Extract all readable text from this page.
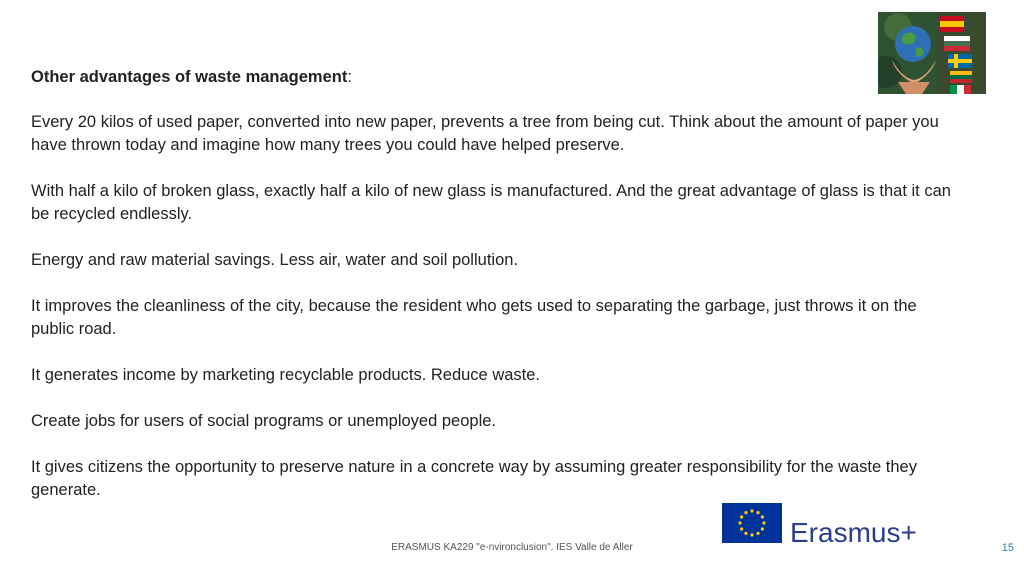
Other advantages of waste management:

Every 20 kilos of used paper, converted into new paper, prevents a tree from being cut. Think about the amount of paper you have thrown today and imagine how many trees you could have helped preserve.

With half a kilo of broken glass, exactly half a kilo of new glass is manufactured. And the great advantage of glass is that it can be recycled endlessly.

Energy and raw material savings. Less air, water and soil pollution.

It improves the cleanliness of the city, because the resident who gets used to separating the garbage, just throws it on the public road.

It generates income by marketing recyclable products. Reduce waste.

Create jobs for users of social programs or unemployed people.

It gives citizens the opportunity to preserve nature in a concrete way by assuming greater responsibility for the waste they generate.

Erasmus+
ERASMUS KA229 "e-nvironclusion". IES Valle de Aller	15
